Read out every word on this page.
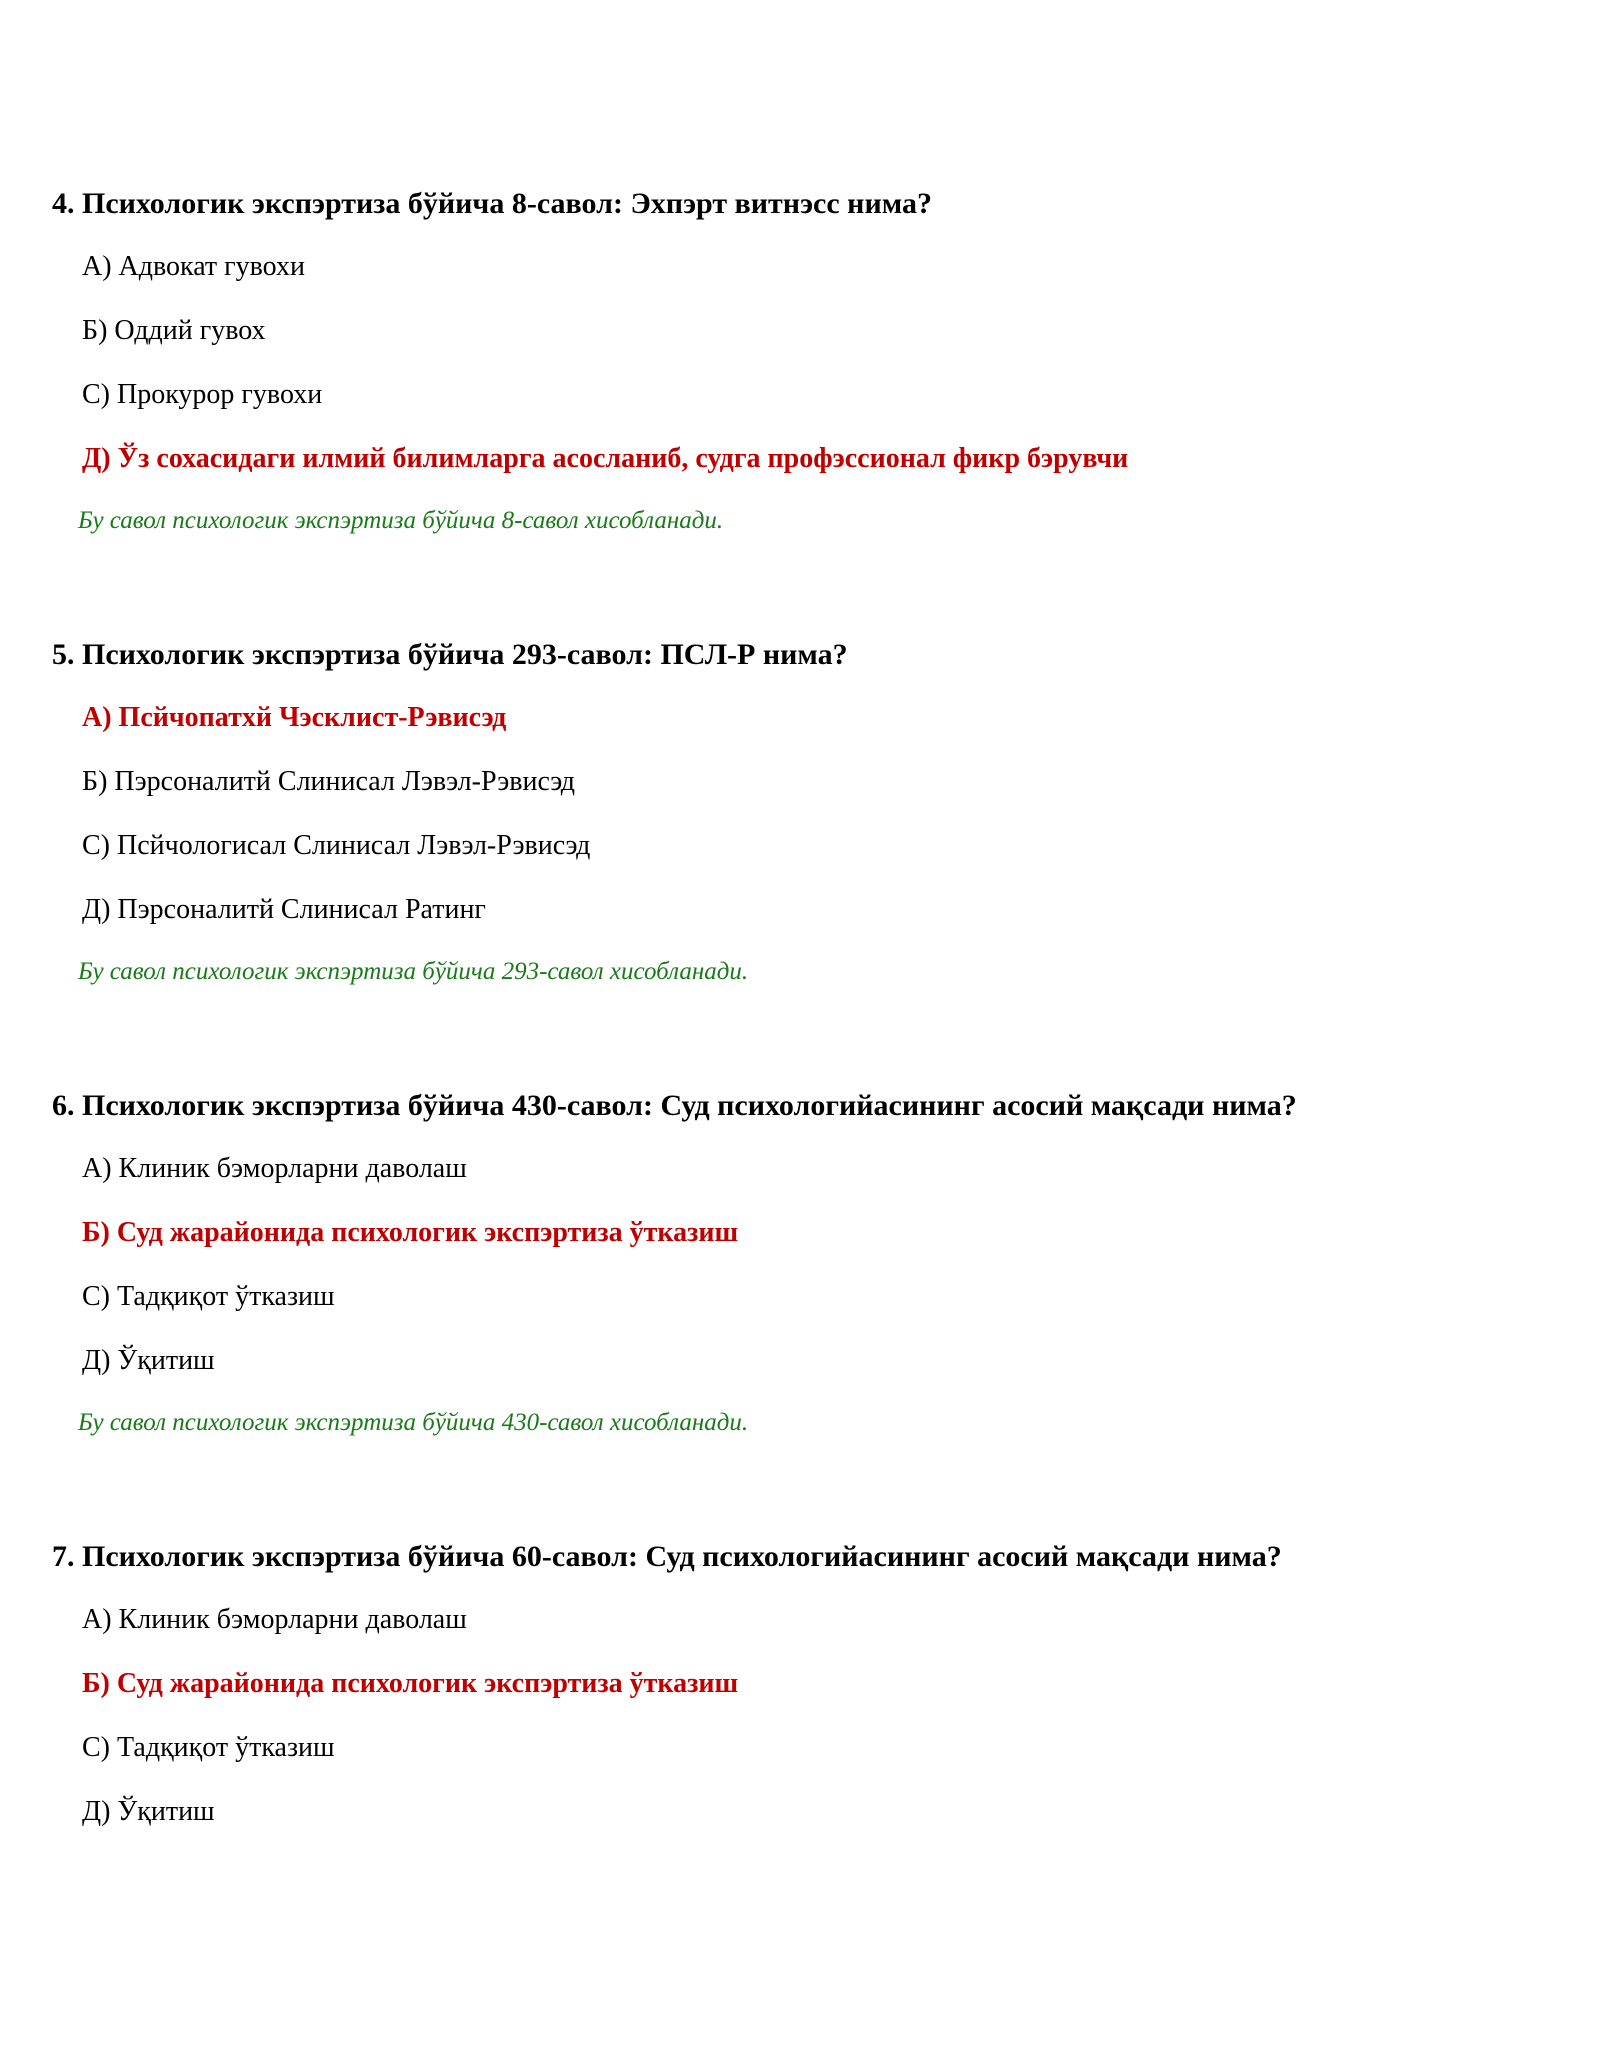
4. Психологик экспэртиза бўйича 8-савол: Эхпэрт витнэсс нима?
А) Адвокат гувохи
Б) Оддий гувох
С) Прокурор гувохи
Д) Ўз сохасидаги илмий билимларга асосланиб, судга профэссионал фикр бэрувчи
Бу савол психологик экспэртиза бўйича 8-савол хисобланади.
5. Психологик экспэртиза бўйича 293-савол: ПСЛ-Р нима?
А) Псйчопатхй Чэсклист-Рэвисэд
Б) Пэрсоналитй Слинисал Лэвэл-Рэвисэд
С) Псйчологисал Слинисал Лэвэл-Рэвисэд
Д) Пэрсоналитй Слинисал Ратинг
Бу савол психологик экспэртиза бўйича 293-савол хисобланади.
6. Психологик экспэртиза бўйича 430-савол: Суд психологийасининг асосий мақсади нима?
А) Клиник бэморларни даволаш
Б) Суд жарайонида психологик экспэртиза ўтказиш
С) Тадқиқот ўтказиш
Д) Ўқитиш
Бу савол психологик экспэртиза бўйича 430-савол хисобланади.
7. Психологик экспэртиза бўйича 60-савол: Суд психологийасининг асосий мақсади нима?
А) Клиник бэморларни даволаш
Б) Суд жарайонида психологик экспэртиза ўтказиш
С) Тадқиқот ўтказиш
Д) Ўқитиш
